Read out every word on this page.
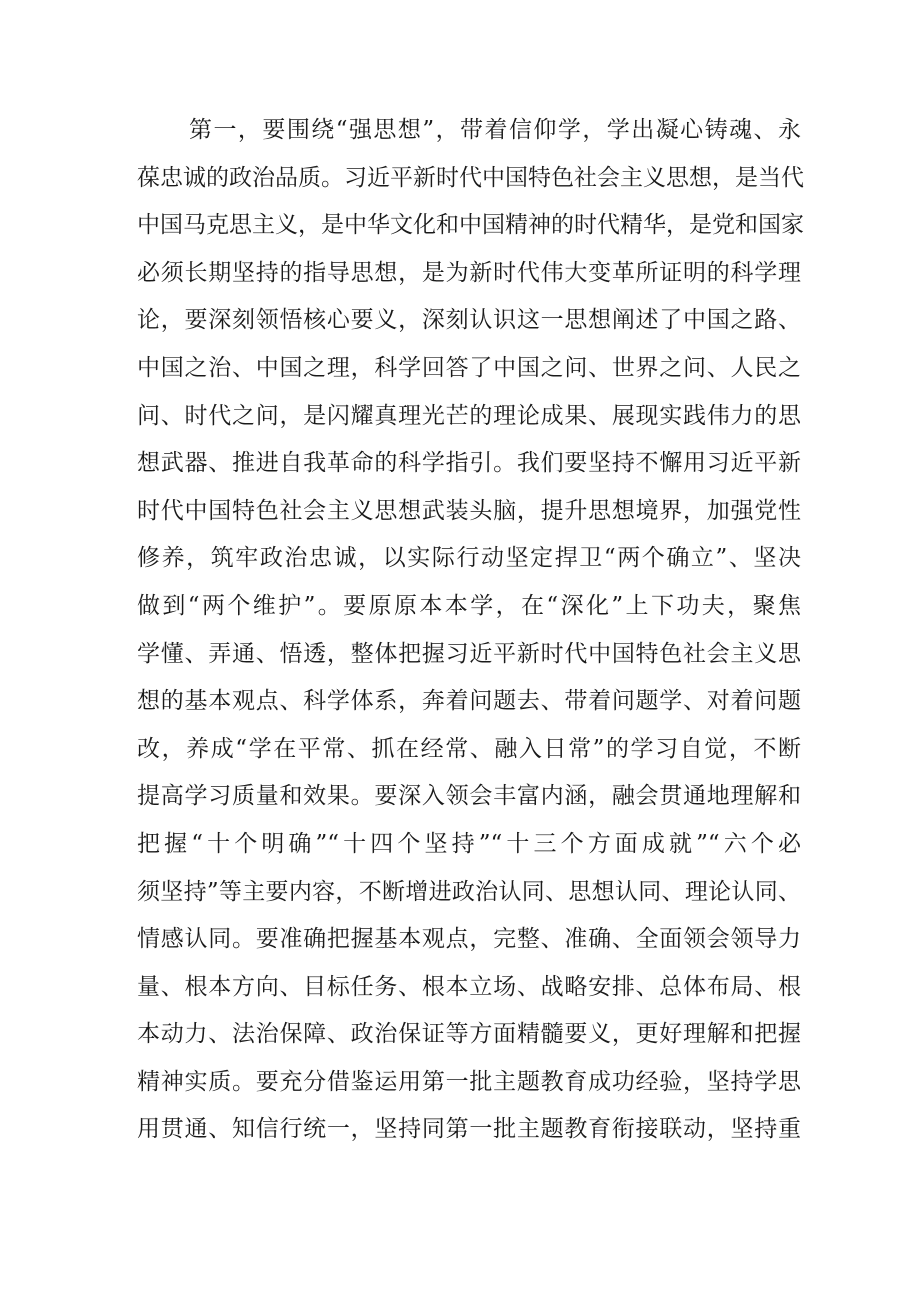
第一，要围绕“强思想”，带着信仰学，学出凝心铸魂、永
葆忠诚的政治品质。习近平新时代中国特色社会主义思想，是当代
中国马克思主义，是中华文化和中国精神的时代精华，是党和国家
必须长期坚持的指导思想，是为新时代伟大变革所证明的科学理
论，要深刻领悟核心要义，深刻认识这一思想阐述了中国之路、
中国之治、中国之理，科学回答了中国之问、世界之问、人民之
问、时代之问，是闪耀真理光芒的理论成果、展现实践伟力的思
想武器、推进自我革命的科学指引。我们要坚持不懈用习近平新
时代中国特色社会主义思想武装头脑，提升思想境界，加强党性
修养，筑牢政治忠诚，以实际行动坚定捍卫“两个确立”、坚决
做到“两个维护”。要原原本本学，在“深化”上下功夫，聚焦
学懂、弄通、悟透，整体把握习近平新时代中国特色社会主义思
想的基本观点、科学体系，奔着问题去、带着问题学、对着问题
改，养成“学在平常、抓在经常、融入日常”的学习自觉，不断
提高学习质量和效果。要深入领会丰富内涵，融会贯通地理解和
把握“十个明确”“十四个坚持”“十三个方面成就”“六个必
须坚持”等主要内容，不断增进政治认同、思想认同、理论认同、
情感认同。要准确把握基本观点，完整、准确、全面领会领导力
量、根本方向、目标任务、根本立场、战略安排、总体布局、根
本动力、法治保障、政治保证等方面精髓要义，更好理解和把握
精神实质。要充分借鉴运用第一批主题教育成功经验，坚持学思
用贯通、知信行统一，坚持同第一批主题教育衔接联动，坚持重
